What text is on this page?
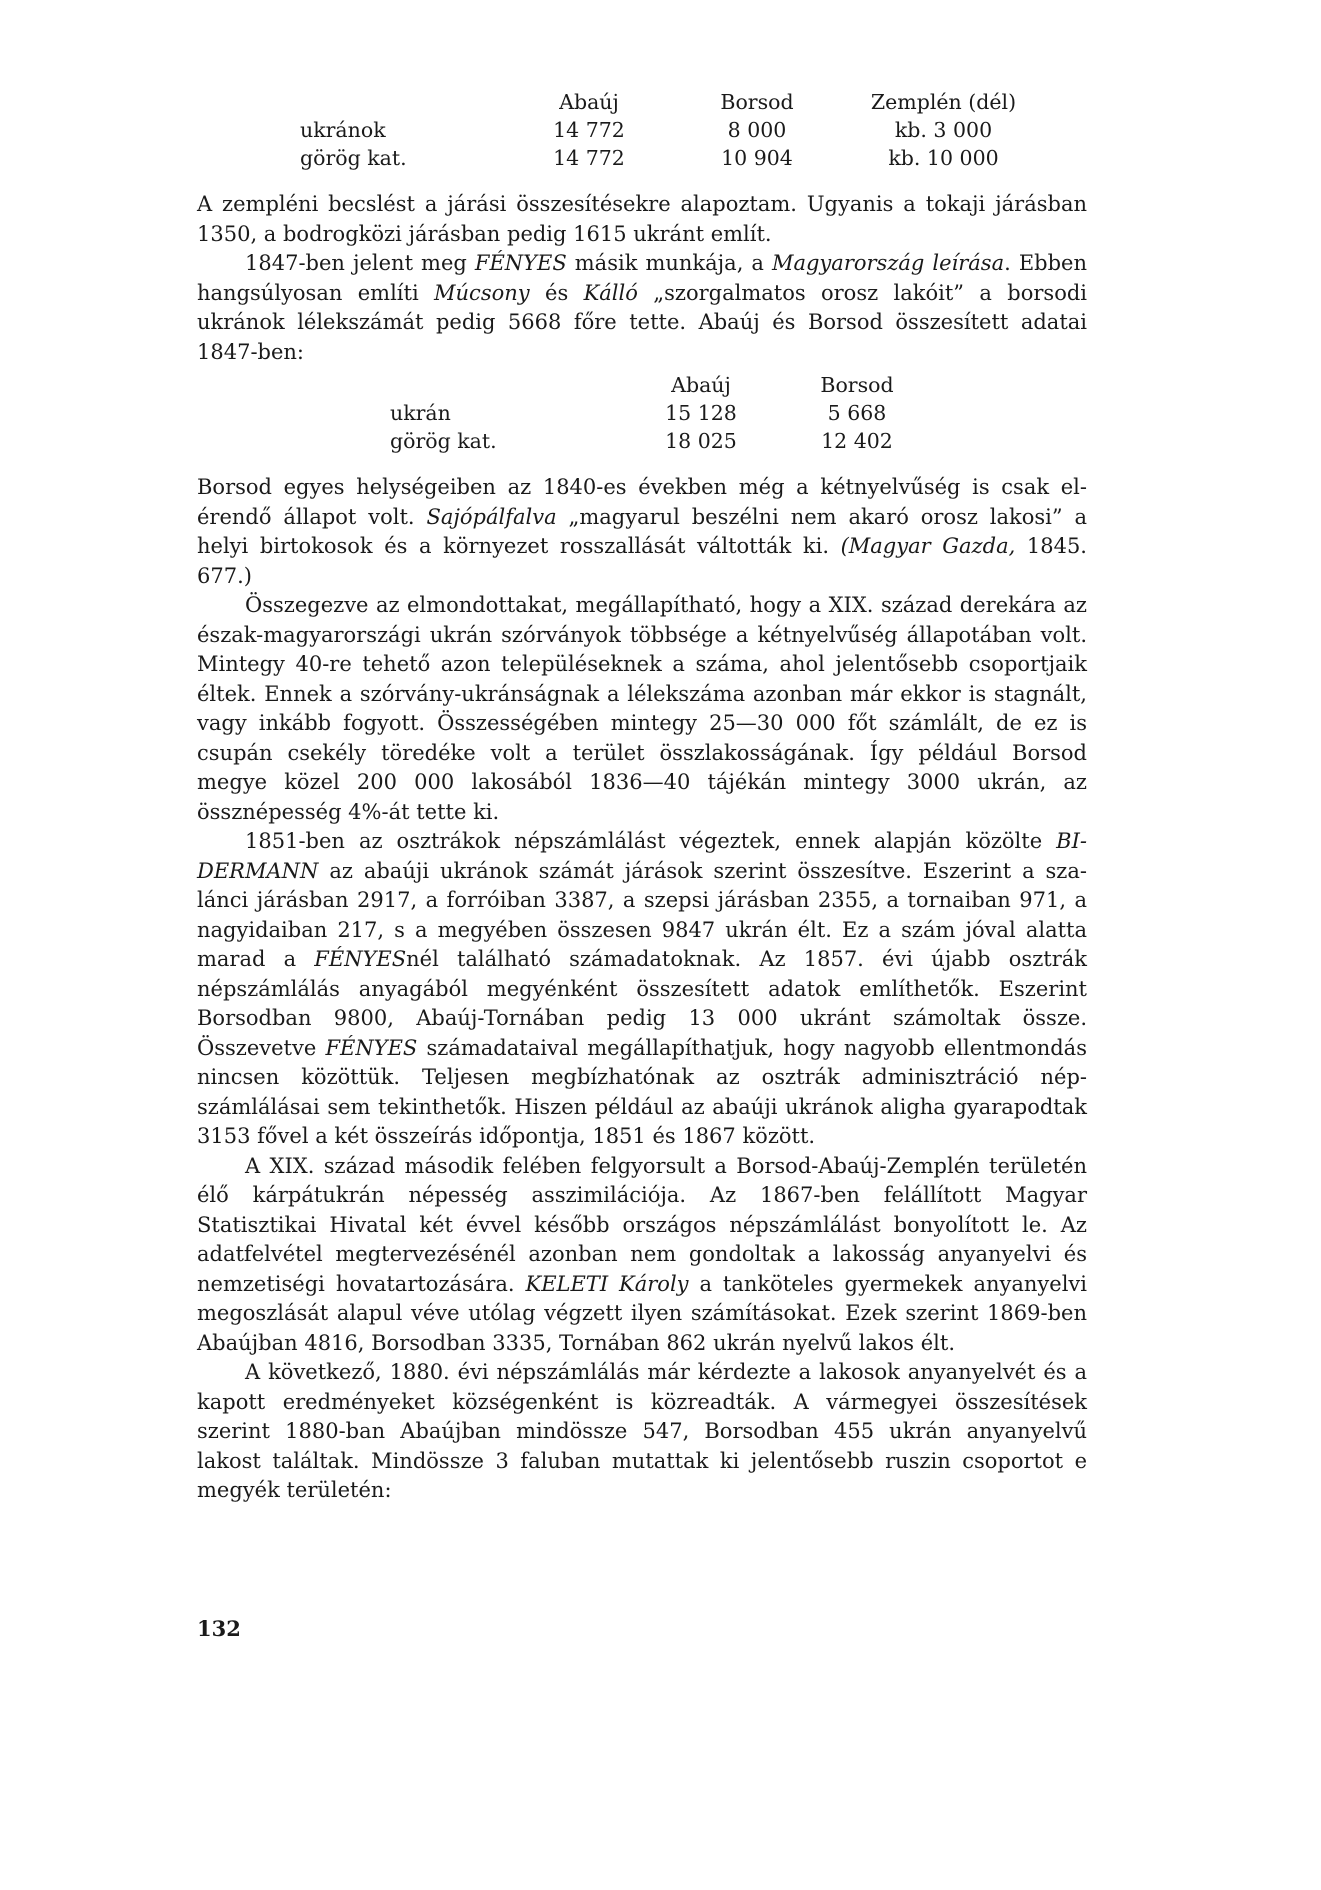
	Abaúj	Borsod	Zemplén (dél)
ukránok	14 772	8 000	kb. 3 000
görög kat.	14 772	10 904	kb. 10 000

A zempléni becslést a járási összesítésekre alapoztam. Ugyanis a tokaji járásban 1350, a bodrogközi járásban pedig 1615 ukránt említ.

1847-ben jelent meg FÉNYES másik munkája, a Magyarország leírása. Ebben hangsúlyosan említi Múcsony és Kálló „szorgalmatos orosz lakóit” a borsodi ukránok lélekszámát pedig 5668 főre tette. Abaúj és Borsod összesített adatai 1847-ben:

	Abaúj	Borsod
ukrán	15 128	5 668
görög kat.	18 025	12 402

Borsod egyes helységeiben az 1840-es években még a kétnyelvűség is csak elérendő állapot volt. Sajópálfalva „magyarul beszélni nem akaró orosz lakosi” a helyi birtokosok és a környezet rosszallását váltották ki. (Magyar Gazda, 1845. 677.)

Összegezve az elmondottakat, megállapítható, hogy a XIX. század derekára az észak-magyarországi ukrán szórványok többsége a kétnyelvűség állapotában volt. Mintegy 40-re tehető azon településeknek a száma, ahol jelentősebb csoportjaik éltek. Ennek a szórvány-ukránságnak a lélekszáma azonban már ekkor is stagnált, vagy inkább fogyott. Összességében mintegy 25—30 000 főt számlált, de ez is csupán csekély töredéke volt a terület összlakosságának. Így például Borsod megye közel 200 000 lakosából 1836—40 tájékán mintegy 3000 ukrán, az össznépesség 4%-át tette ki.

1851-ben az osztrákok népszámlálást végeztek, ennek alapján közölte BIDERMANN az abaúji ukránok számát járások szerint összesítve. Eszerint a szalánci járásban 2917, a forróiban 3387, a szepsi járásban 2355, a tornaiban 971, a nagyidaiban 217, s a megyében összesen 9847 ukrán élt. Ez a szám jóval alatta marad a FÉNYESnél található számadatoknak. Az 1857. évi újabb osztrák népszámlálás anyagából megyénként összesített adatok említhetők. Eszerint Borsodban 9800, Abaúj-Tornában pedig 13 000 ukránt számoltak össze. Összevetve FÉNYES számadataival megállapíthatjuk, hogy nagyobb ellentmondás nincsen közöttük. Teljesen megbízhatónak az osztrák adminisztráció népszámlálásai sem tekinthetők. Hiszen például az abaúji ukránok aligha gyarapodtak 3153 fővel a két összeírás időpontja, 1851 és 1867 között.

A XIX. század második felében felgyorsult a Borsod-Abaúj-Zemplén területén élő kárpátukrán népesség asszimilációja. Az 1867-ben felállított Magyar Statisztikai Hivatal két évvel később országos népszámlálást bonyolított le. Az adatfelvétel megtervezésénél azonban nem gondoltak a lakosság anyanyelvi és nemzetiségi hovatartozására. KELETI Károly a tanköteles gyermekek anyanyelvi megoszlását alapul véve utólag végzett ilyen számításokat. Ezek szerint 1869-ben Abaújban 4816, Borsodban 3335, Tornában 862 ukrán nyelvű lakos élt.

A következő, 1880. évi népszámlálás már kérdezte a lakosok anyanyelvét és a kapott eredményeket községenként is közreadták. A vármegyei összesítések szerint 1880-ban Abaújban mindössze 547, Borsodban 455 ukrán anyanyelvű lakost találtak. Mindössze 3 faluban mutattak ki jelentősebb ruszin csoportot e megyék területén:

132
